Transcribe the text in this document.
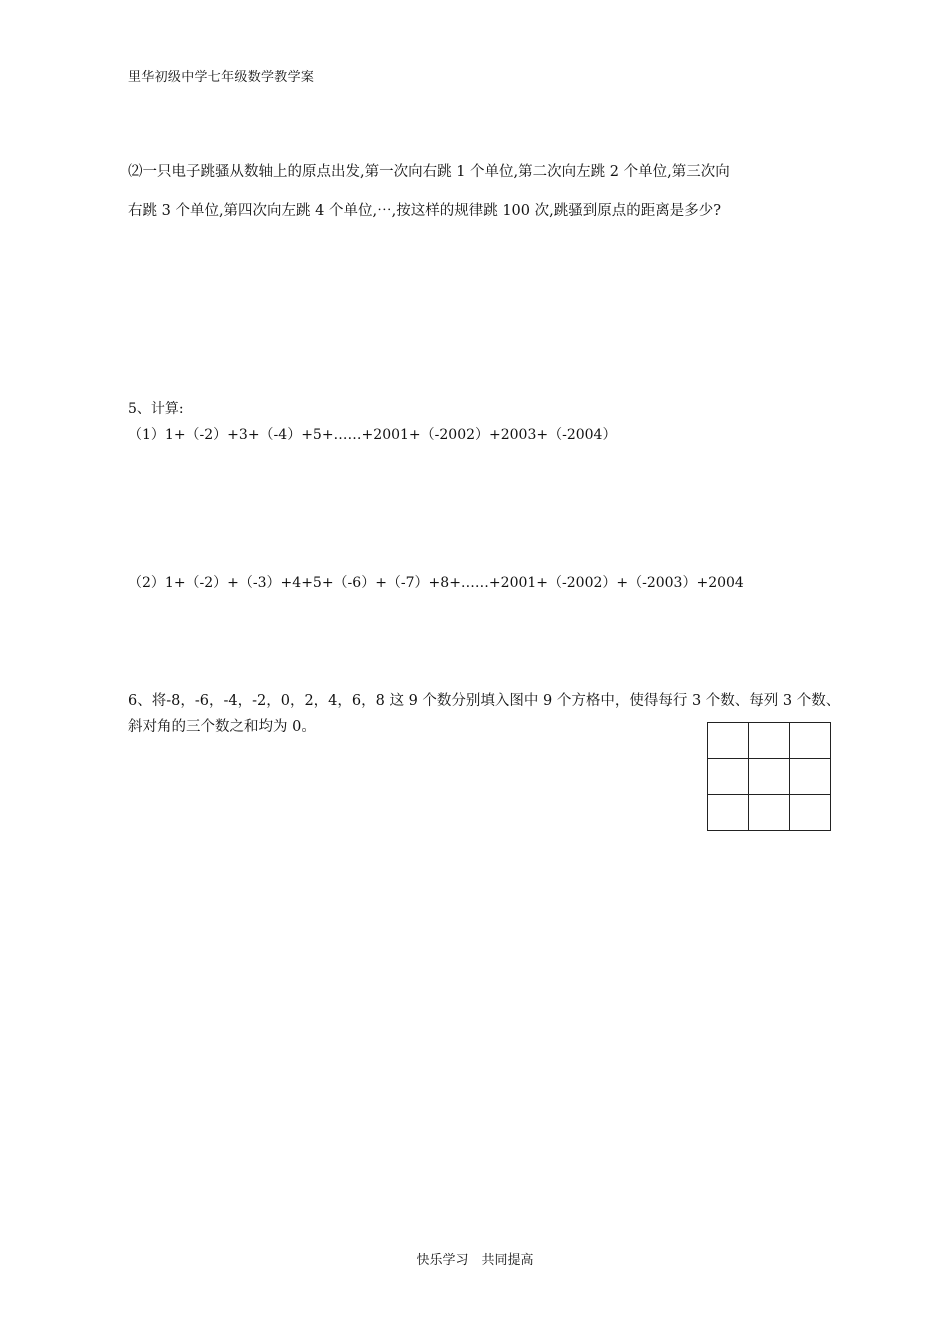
里华初级中学七年级数学教学案
⑵一只电子跳骚从数轴上的原点出发,第一次向右跳 1 个单位,第二次向左跳 2 个单位,第三次向
右跳 3 个单位,第四次向左跳 4 个单位,⋯,按这样的规律跳 100 次,跳骚到原点的距离是多少?
5、计算:
（1）1+（-2）+3+（-4）+5+……+2001+（-2002）+2003+（-2004）
（2）1+（-2）+（-3）+4+5+（-6）+（-7）+8+……+2001+（-2002）+（-2003）+2004
6、将-8，-6，-4，-2，0，2，4，6，8 这 9 个数分别填入图中 9 个方格中，使得每行 3 个数、每列 3 个数、
斜对角的三个数之和均为 0。

快乐学习　共同提高
